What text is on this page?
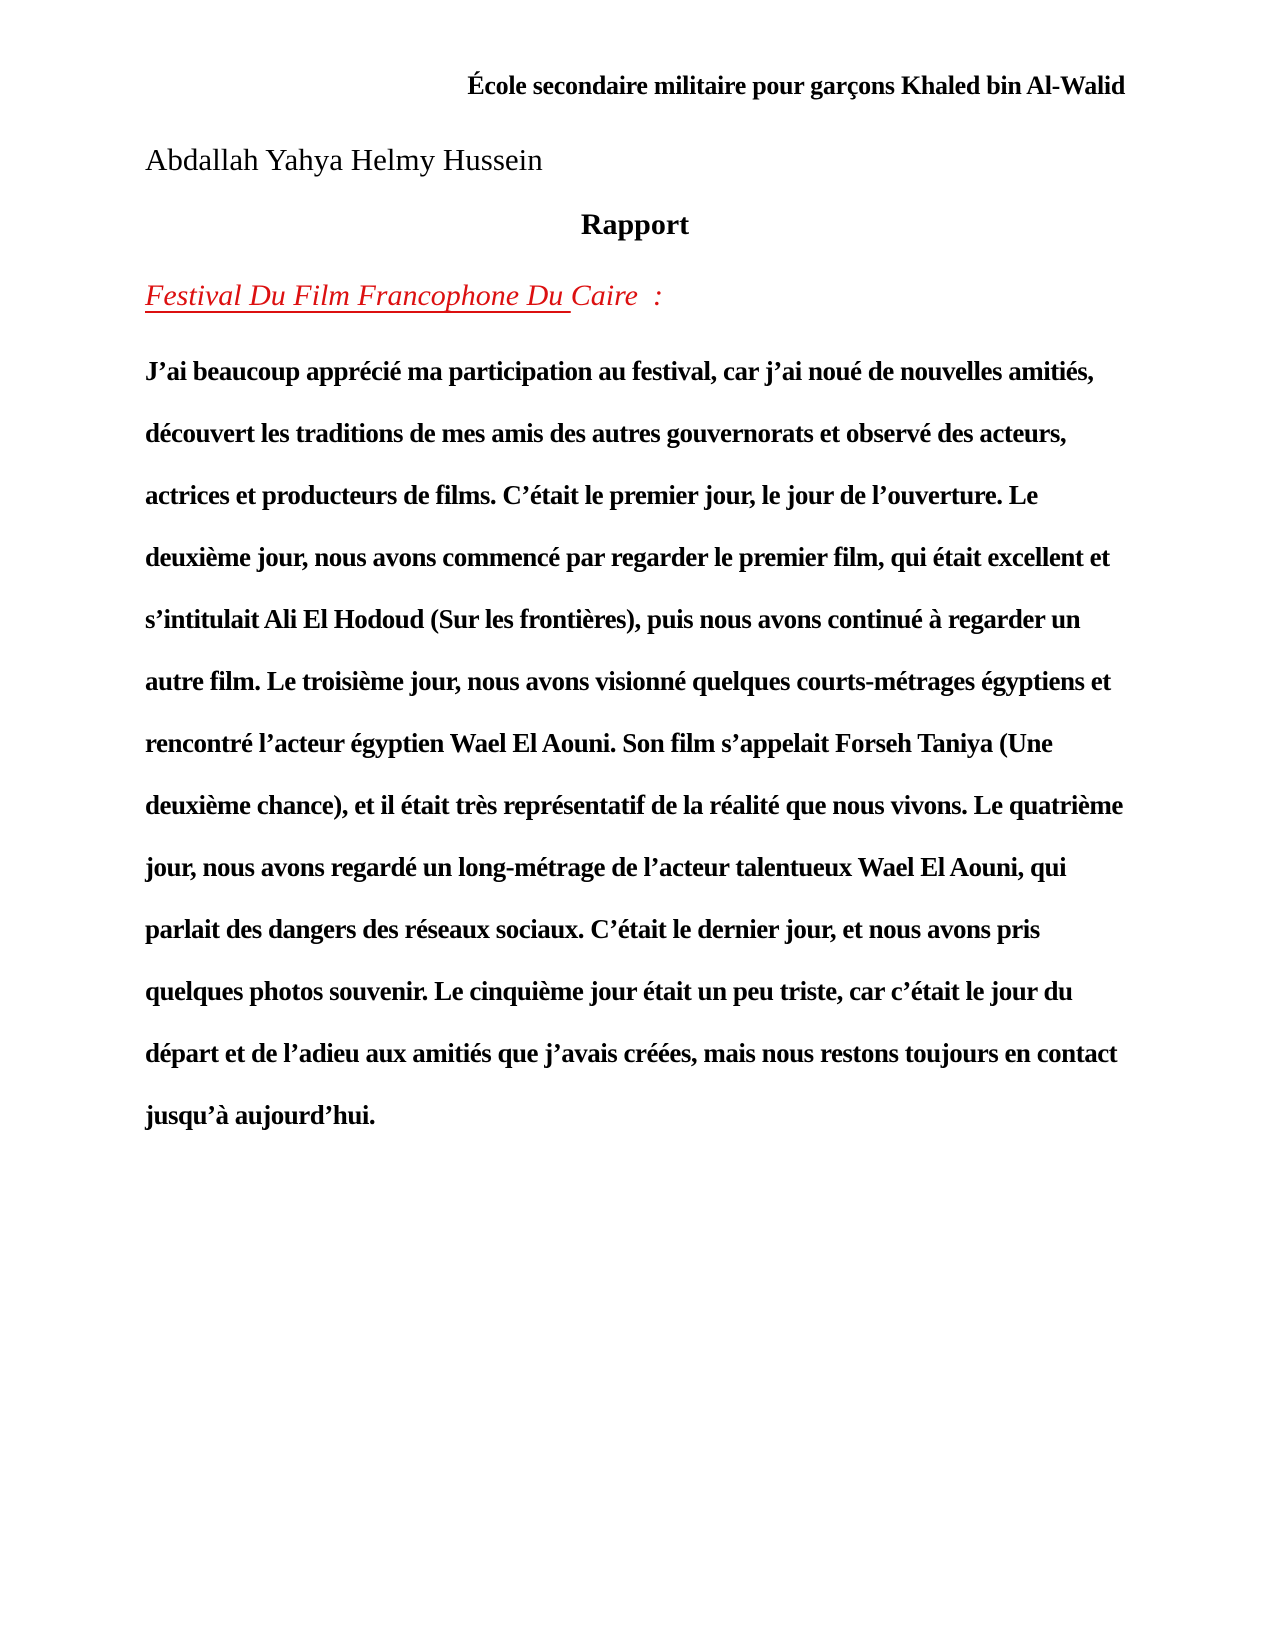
École secondaire militaire pour garçons Khaled bin Al-Walid
Abdallah Yahya Helmy Hussein
Rapport
Festival Du Film Francophone Du Caire  :
J’ai beaucoup apprécié ma participation au festival, car j’ai noué de nouvelles amitiés, découvert les traditions de mes amis des autres gouvernorats et observé des acteurs, actrices et producteurs de films. C’était le premier jour, le jour de l’ouverture. Le deuxième jour, nous avons commencé par regarder le premier film, qui était excellent et s’intitulait Ali El Hodoud (Sur les frontières), puis nous avons continué à regarder un autre film. Le troisième jour, nous avons visionné quelques courts-métrages égyptiens et rencontré l’acteur égyptien Wael El Aouni. Son film s’appelait Forseh Taniya (Une deuxième chance), et il était très représentatif de la réalité que nous vivons. Le quatrième jour, nous avons regardé un long-métrage de l’acteur talentueux Wael El Aouni, qui parlait des dangers des réseaux sociaux. C’était le dernier jour, et nous avons pris quelques photos souvenir. Le cinquième jour était un peu triste, car c’était le jour du départ et de l’adieu aux amitiés que j’avais créées, mais nous restons toujours en contact jusqu’à aujourd’hui.
